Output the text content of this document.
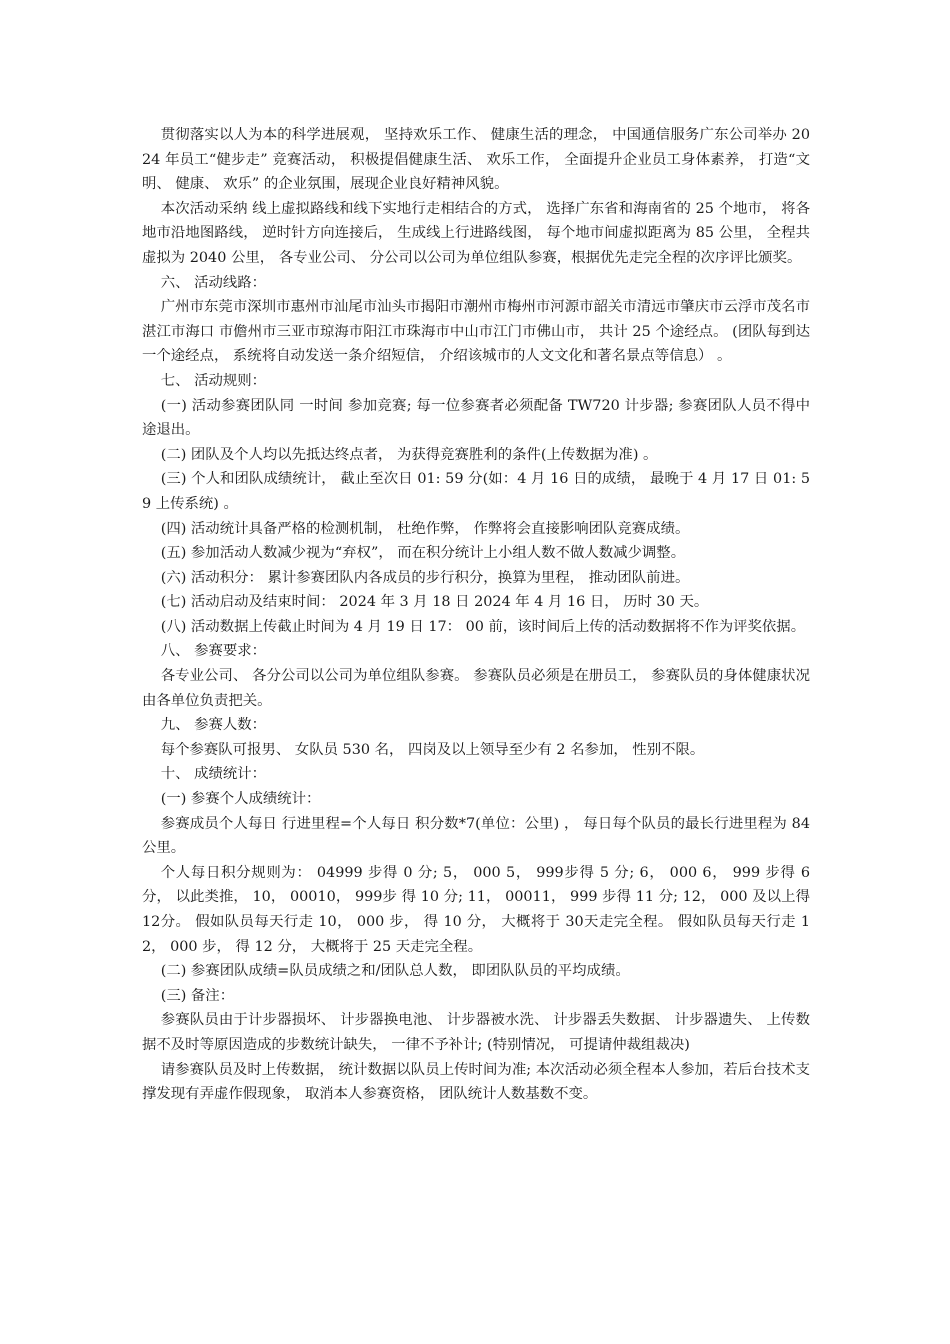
贯彻落实以人为本的科学进展观， 坚持欢乐工作、 健康生活的理念， 中国通信服务广东公司举办 2024 年员工“健步走” 竞赛活动， 积极提倡健康生活、 欢乐工作， 全面提升企业员工身体素养， 打造“文明、 健康、 欢乐” 的企业氛围，展现企业良好精神风貌。

本次活动采纳 线上虚拟路线和线下实地行走相结合的方式， 选择广东省和海南省的 25 个地市， 将各地市沿地图路线， 逆时针方向连接后， 生成线上行进路线图， 每个地市间虚拟距离为 85 公里， 全程共虚拟为 2040 公里， 各专业公司、 分公司以公司为单位组队参赛，根据优先走完全程的次序评比颁奖。

六、 活动线路：

广州市东莞市深圳市惠州市汕尾市汕头市揭阳市潮州市梅州市河源市韶关市清远市肇庆市云浮市茂名市湛江市海口 市儋州市三亚市琼海市阳江市珠海市中山市江门市佛山市， 共计 25 个途经点。 (团队每到达一个途经点， 系统将自动发送一条介绍短信， 介绍该城市的人文文化和著名景点等信息） 。

七、 活动规则：

(一) 活动参赛团队同 一时间 参加竞赛; 每一位参赛者必须配备 TW720 计步器; 参赛团队人员不得中途退出。

(二) 团队及个人均以先抵达终点者， 为获得竞赛胜利的条件(上传数据为准) 。

(三) 个人和团队成绩统计， 截止至次日 01: 59 分(如：4 月 16 日的成绩， 最晚于 4 月 17 日 01: 59 上传系统) 。

(四) 活动统计具备严格的检测机制， 杜绝作弊， 作弊将会直接影响团队竞赛成绩。

(五) 参加活动人数减少视为“弃权”， 而在积分统计上小组人数不做人数减少调整。

(六) 活动积分： 累计参赛团队内各成员的步行积分，换算为里程， 推动团队前进。

(七) 活动启动及结束时间： 2024 年 3 月 18 日 2024 年 4 月 16 日， 历时 30 天。

(八) 活动数据上传截止时间为 4 月 19 日 17： 00 前，该时间后上传的活动数据将不作为评奖依据。

八、 参赛要求：

各专业公司、 各分公司以公司为单位组队参赛。 参赛队员必须是在册员工， 参赛队员的身体健康状况由各单位负责把关。

九、 参赛人数：

每个参赛队可报男、 女队员 530 名， 四岗及以上领导至少有 2 名参加， 性别不限。

十、 成绩统计：

(一) 参赛个人成绩统计：

参赛成员个人每日 行进里程=个人每日 积分数*7(单位：公里) ， 每日每个队员的最长行进里程为 84 公里。

个人每日积分规则为： 04999 步得 0 分; 5， 000 5， 999步得 5 分; 6， 000 6， 999 步得 6 分， 以此类推， 10， 00010， 999步 得 10 分; 11， 00011， 999 步得 11 分; 12， 000 及以上得 12分。 假如队员每天行走 10， 000 步， 得 10 分， 大概将于 30天走完全程。 假如队员每天行走 12， 000 步， 得 12 分， 大概将于 25 天走完全程。

(二) 参赛团队成绩=队员成绩之和/团队总人数， 即团队队员的平均成绩。

(三) 备注：

参赛队员由于计步器损坏、 计步器换电池、 计步器被水洗、 计步器丢失数据、 计步器遗失、 上传数据不及时等原因造成的步数统计缺失， 一律不予补计; (特别情况， 可提请仲裁组裁决)

请参赛队员及时上传数据， 统计数据以队员上传时间为准; 本次活动必须全程本人参加，若后台技术支撑发现有弄虚作假现象， 取消本人参赛资格， 团队统计人数基数不变。
